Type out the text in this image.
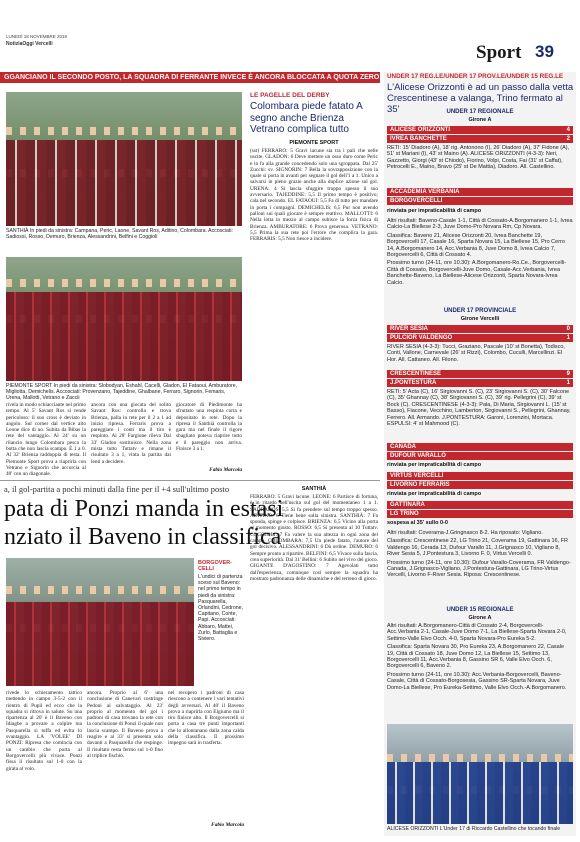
LUNEDÌ 18 NOVEMBRE 2019
NotiziaOggi Vercelli	Sport 39
GGANCIANO IL SECONDO POSTO, LA SQUADRA DI FERRANTE INVECE È ANCORA BLOCCATA A QUOTA ZERO
SANTHIÀ In piedi da sinistra: Campana, Peric, Laone, Savant Ros, Aditino, Colombara. Accosciati: Sadiossi, Rosso, Demuro, Brienza, Alessandrini, Belfini e Coggioli
PIEMONTE SPORT In piedi da sinistra: Slobodyan, Eshahl, Cacelli, Gladon, El Fataoui, Amburatore, Migliotta, Demichelis. Accosciati: Provenzano, Tajeddine, Ghalbane, Ferraro, Signorin, Femaris, Urena, Mallotti, Vetrano e Zaccii

rivela in modo schiacciante nel primo tempo. Al 5' Savant Ros si rende pericoloso: il suo cross è deviato in angolo. Sul corner dal vertice alto Leone dice di no. Subita da Bibas la rete del vantaggio. Al 24' su un rilancio lungo Colombara pesca la botta che non lascia scampo. È 1 a 0. Al 32' Brienza raddoppia di testa. Il Piemonte Sport prova a riaprirla con Vetrano e Signorin che accorcia al 40' con un diagonale.

ancora con una giocata del solito Savant Ros: controlla e trova Brienza, palla in rete per il 2 a 1 ad inizio ripresa. Ferraris prova a pareggiare i conti ma il tiro è respinto. Al 28' Fargione rileva Dal 33' Gladon sostituisce. Nella zona mista tutto Tuttatv e rimane il risultato 3 a 1, vinta la partita dai lenti a decidere.

giocatore di Piedimonte ha sfruttato una respinta corta e depositato in rete. Dopo la ripresa il Santhià controlla la gara ma nel finale il rigore sbagliato poteva riaprire tutto e il pareggio non arriva. Finisce 3 a 1.

Fabio Marcola
LE PAGELLE DEL DERBY
Colombara piede fatato A segno anche Brienza Vetrano complica tutto
PIEMONTE SPORT

(sst) FERRARO: 5 Gravi lacune sia tra i pali che nelle uscite. GLADON: 6 Deve mettere un osso duro come Peric e lo fa alla grande concedendo solo una sgroppata. Dal 25' Zucchi: sv. SIGNORIN: 7 Bella la sovrapposizione con la quale si porta in avanti per segnare il gol dell'1 a 1. Unico a salvarsi in pieno grazie anche alla duplice azione sul gol. URENA: 4 Si lascia sfuggire troppo spesso il suo avversario. TAJEDDINE: 5,5 Il primo tempo è positivo; cala nel secondo. EL FATAOUI: 5,5 Fa di tutto per mandare in porta i compagni. DEMICHELIS: 6,5 Pur non avendo palloni sui quali giocare è sempre reattivo. MALLOTTI: 6 Nella lotta in mezzo al campo subisce la forza fisica di Brienza. AMBURATORE: 6 Prova generosa. VETRANO: 5,5 Prima la sua rete poi l'errore che complica la gara. FERRARIS: 5,5 Non riesce a incidere.

a, il gol-partita a pochi minuti dalla fine per il +4 sull'ultimo posto
pata di Ponzi manda in estasi
nziato il Baveno in classifica
SANTHIÀ

FERRARO: 5 Gravi lacune. LEONE: 6 Partisce di fortuna, è in ritardo nell'uscita sul gol del momentaneo 1 a 1. SADRADOS: 5,5 Si fa prendere sul tempo troppo spesso. ADITINO: 6 Tiene bene sulla sinistra. SANTHIÀ: 7 Fa sponda, spinge e colpisce. BRIENZA: 6,5 Vicino alla porta al momento giusto. ROSSO: 6,5 Si presenta al 10 Tuttatv. COGGIOLI: 7 Fa valere la sua altezza in ogni zona del campo. COLOMBARA: 7,5 Un piede fatato, l'autore del gol decisivo. ALESSANDRINI: 6 Dà ordine. DEMURO: 6 Sempre pronto a ripartire. BELFINI: 6,5 Vivace sulla fascia, crea superiorità. Dal 31' Bellini: 6 Subito nel vivo del gioco. GIGANTE D'AGOSTINO: 7 Agevolati tutto dall'esperienza, comunque così sempre la squadra ha mostrato padronanza delle dinamiche e del terreno di gioco.

BORGOVER-CELLI
L'undici di partenza sceso sul Baveno: nel primo tempo in piedi da sinistra: Pasquarella, Orlandini, Cedrone, Capitano, Conte, Papi. Accosciati: Abbaro, Mattei, Zurlo, Battaglia e Siviero.

rivede lo schieramento tattico mettendo in campo 3-5-2 con il rientro di Pupil ed ecco che la squadra si ritrova in salute. Su una ripartenza al 20' è il Baveno con Idiagbe a provare a colpire ma Pasquarella si tuffa ed evita lo svantaggio. LA 'VOLEE' DI PONZI: Ripresa che comincia con un cambio che porta al Borgovercelli più vivace. Ponzi fissa il risultato sul 1-0 con la girata al volo.

ancora. Proprio al 6' una conclusione di Canevari costringe Pedoni al salvataggio. Al 23' proprio al momento del gol i padroni di casa trovano la rete con la conclusione di Ponzi il quale non lascia scampo. Il Baveno prova a reagire e al 33' si presenta solo davanti a Pasquarella che respinge. Il risultato resta fermo sul 1-0 fino al triplice fischio.

nel recupero i padroni di casa riescono a contenere i vari tentativi degli avversari. Al 40' il Baveno prova a riaprirla con Elgiumo ma il tiro finisce alto. Il Borgovercelli si porta a casa tre punti importanti che lo allontanano dalla zona calda della classifica. Il prossimo impegno sarà in trasferta.

Fabio Marcola
UNDER 17 REG.LE/UNDER 17 PROV.LE/UNDER 15 REG.LE
L'Alicese Orizzonti è ad un passo dalla vetta Crescentinese a valanga, Trino fermato al 35'	UNDER 17 REGIONALE
Girone A
ALICESE ORIZZONTI	4
IVREA BANCHETTE	2
RETI: 15' Diadoro (A), 18' rig. Antonono (I), 26' Diadoro (A), 37' Fidone (A), 51' st Mariani (I), 43' st Maino (A). ALICESE ORIZZONTI (4-3-3): Neri, Gazzetto, Giorgi (43' st Chiodo), Fiorino, Volpi, Costa, Fai (31' st Caffat), Petrocelli E., Maino, Bravo (25' st De Mattia), Diadoro. All. Castellino.
ACCADEMIA VERBANIA
BORGOVERCELLI
rinviata per impraticabilità di campo

Altri risultati: Baveno-Casale 1-1, Città di Cossato-A.Borgomanero 1-1, Ivrea Calcio-La Biellese 2-3, Juve Domo-Pro Novara Rm, Cp Novara.

Classifica: Baveno 21, Alicese Orizzonti 20, Ivrea Banchette 19, Borgovercelli 17, Casale 16, Sparta Novara 15, La Biellese 15, Pro Cerro 14, A.Borgomanero 14, Acc.Verbania 8, Juve Domo 8, Ivrea Calcio 7, Borgovercelli 6, Città di Cossato 4.

Prossimo turno (24-11, ore 10.30): A.Borgomanero-Ro.Ce., Borgovercelli-Città di Cossato, Borgovercelli-Juve Domo, Casale-Acc.Verbania, Ivrea Banchette-Baveno, La Biellese-Alicese Orizzonti, Sparta Novara-Ivrea Calcio.

UNDER 17 PROVINCIALE
Girone Vercelli
RIVER SESIA	0
PULCIOR VALDENGO	1
RIVER SESIA (4-3-3): Tucci, Graziano, Pascale (10' st Bonetta), Todisco, Conti, Vallone, Carnevale (26' st Rizzi), Colombo, Cuculli, Marcellinzi. El Hor. All. Cattaneo. All. Filono.
CRESCENTINESE	9
J.PONTESTURA	1
RETI: 5' Acta (C), 16' Sirgiovanni S. (C), 23' Sirgiovanni S. (C), 30' Falcone (C), 35' Ghannay (C), 38' Sirgiovanni S. (C), 39' rig. Pellegrini (C), 39' st Bock (C). CRESCENTINESE (4-3-3): Pala, Di Maria, Sirgiovanni L. (15' st Basso), Fiacone, Vecchino, Lamberton, Sirgiovanni S., Pellegrini, Ghannay, Ferrero. All. Armando. J.PONTESTURA: Garoni, Lorenzini, Mortaca. ESPULSI: 4' st Mahmood (C).
CANADA
DUFOUR VARALLO
rinviata per impraticabilità di campo
VIRTUS VERCELLI
LIVORNO FERRARIS
rinviata per impraticabilità di campo
GATTINARA
LG TRINO
sospesa al 35' sullo 0-0

Altri risultati: Coverama-J.Gringnasco 8-2. Ha riposato: Vigliano.

Classifica: Crescentinese 22, LG Trino 21, Coverama 19, Gattinara 16, FR Valdengo 16, Cerada 13, Dufour Varallo 11, J.Grignasco 10, Vigliano 8, River Sesia 5, J.Pontestura 3, Livorno F. 0, Virtus Vercelli 0.

Prossimo turno (24-11, ore 10.30): Dufour Varallo-Coverama, FR Valdengo-Canada, J.Grignasco-Vigliano, J.Pontestura-Gattinara, LG Trino-Virtus Vercelli, Livorno F-River Sesia. Riposa: Crescentinese.

UNDER 15 REGIONALE
Girone A

Altri risultati: A.Borgomanero-Città di Cossato 2-4, Borgovercelli-Acc.Verbania 2-1, Casale-Juve Domo 7-1, La Biellese-Sparta Novara 2-0, Settimo-Valle Elvo Occh. 4-0, Sparta Novara-Pro Eureka 5-2.

Classifica: Sparta Novara 30, Pro Eureka 23, A.Borgomanero 22, Casale 19, Città di Cossato 18, Juve Domo 12, La Biellese 15, Settimo 13, Borgovercelli 11, Acc.Verbania 8, Gassino SR 6, Valle Elvo Occh. 6, Borgovercelli 6, Baveno 2.

Prossimo turno (24-11, ore 10.30): Acc.Verbania-Borgovercelli, Baveno-Casale, Città di Cossato-Borgosesia, Gassino SR-Sparta Novara, Juve Domo-La Biellese, Pro Eureka-Settimo, Valle Elvo Occh.-A.Borgomanero.

ALICESE ORIZZONTI L'Under 17 di Riccardo Castellino che tocando finale
